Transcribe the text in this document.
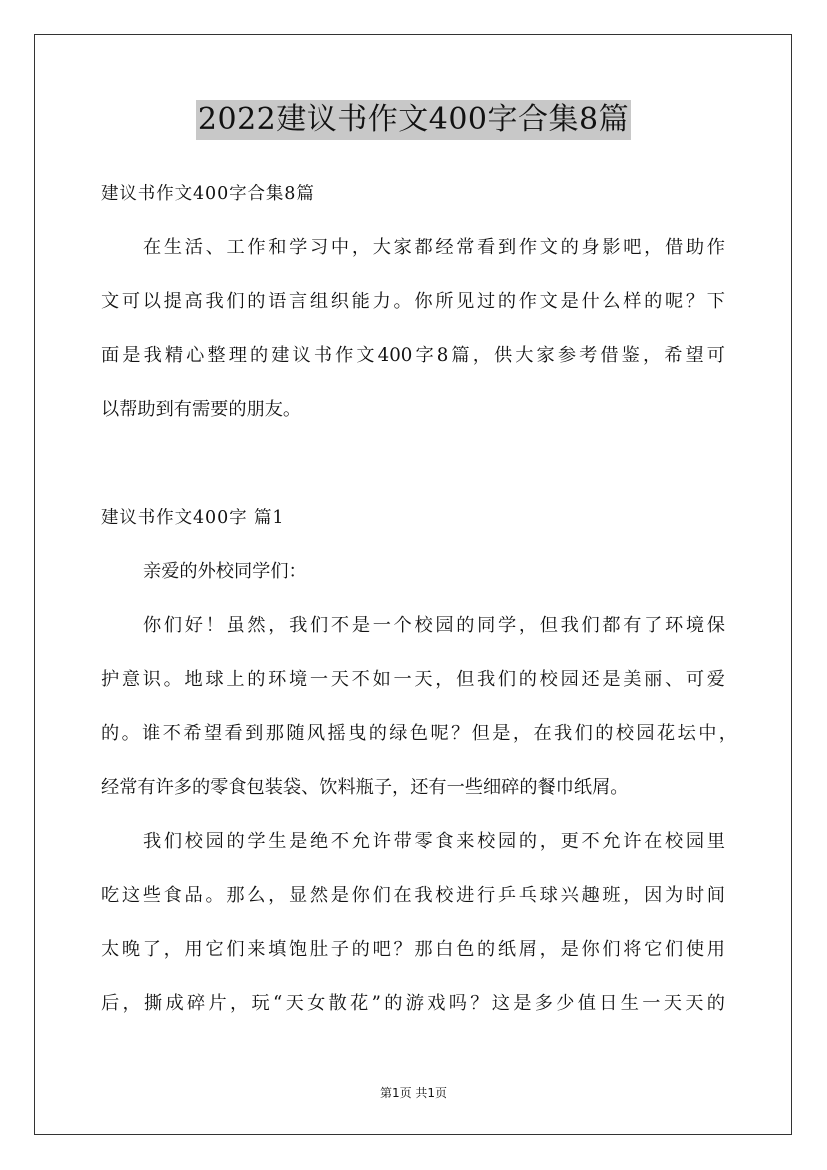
2022建议书作文400字合集8篇
建议书作文400字合集8篇
在生活、工作和学习中，大家都经常看到作文的身影吧，借助作
文可以提高我们的语言组织能力。你所见过的作文是什么样的呢？下
面是我精心整理的建议书作文400字8篇，供大家参考借鉴，希望可
以帮助到有需要的朋友。
建议书作文400字 篇1
亲爱的外校同学们：
你们好！虽然，我们不是一个校园的同学，但我们都有了环境保
护意识。地球上的环境一天不如一天，但我们的校园还是美丽、可爱
的。谁不希望看到那随风摇曳的绿色呢？但是，在我们的校园花坛中，
经常有许多的零食包装袋、饮料瓶子，还有一些细碎的餐巾纸屑。
我们校园的学生是绝不允许带零食来校园的，更不允许在校园里
吃这些食品。那么，显然是你们在我校进行乒乓球兴趣班，因为时间
太晚了，用它们来填饱肚子的吧？那白色的纸屑，是你们将它们使用
后，撕成碎片，玩“天女散花”的游戏吗？这是多少值日生一天天的
第1页 共1页
